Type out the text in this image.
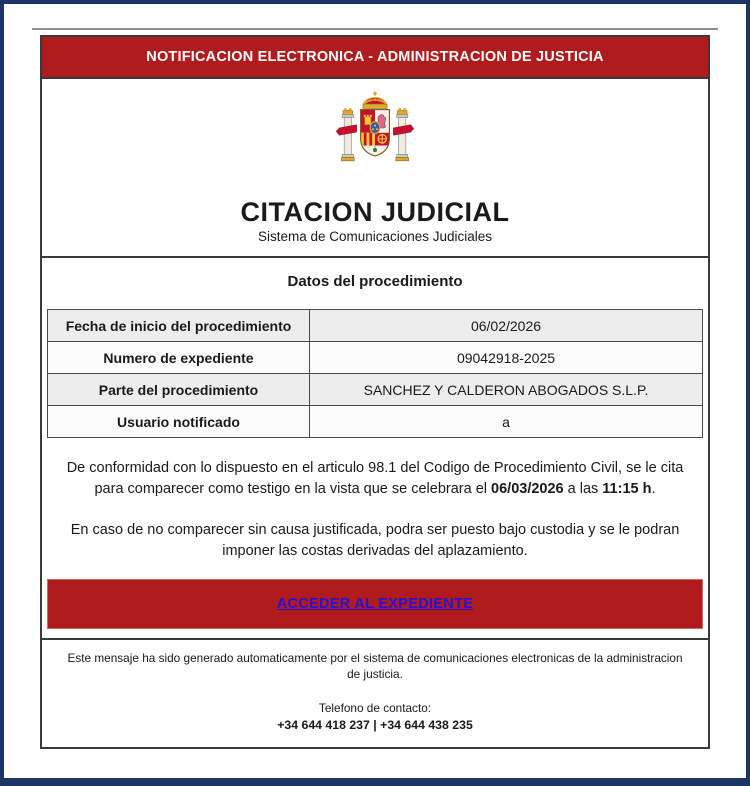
NOTIFICACION ELECTRONICA - ADMINISTRACION DE JUSTICIA
CITACION JUDICIAL
Sistema de Comunicaciones Judiciales
Datos del procedimiento
Fecha de inicio del procedimiento	06/02/2026
Numero de expediente	09042918-2025
Parte del procedimiento	SANCHEZ Y CALDERON ABOGADOS S.L.P.
Usuario notificado	a

De conformidad con lo dispuesto en el articulo 98.1 del Codigo de Procedimiento Civil, se le cita para comparecer como testigo en la vista que se celebrara el 06/03/2026 a las 11:15 h.

En caso de no comparecer sin causa justificada, podra ser puesto bajo custodia y se le podran imponer las costas derivadas del aplazamiento.

ACCEDER AL EXPEDIENTE
Este mensaje ha sido generado automaticamente por el sistema de comunicaciones electronicas de la administracion de justicia.
Telefono de contacto:
+34 644 418 237 | +34 644 438 235
